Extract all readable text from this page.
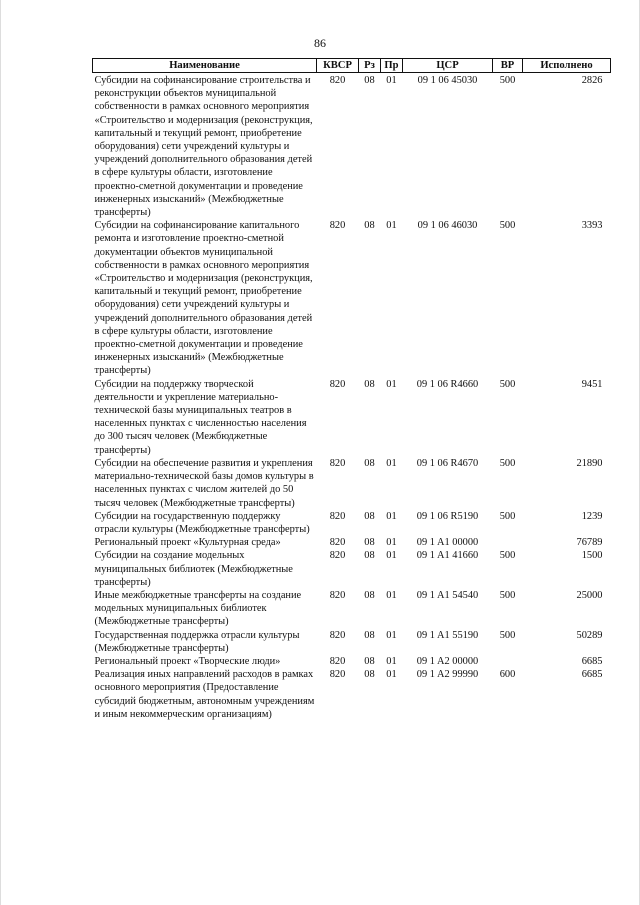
86
Наименование	КВСР	Рз	Пр	ЦСР	ВР	Исполнено
Субсидии на софинансирование строительства и реконструкции объектов муниципальной собственности в рамках основного мероприятия «Строительство и модернизация (реконструкция, капитальный и текущий ремонт, приобретение оборудования) сети учреждений культуры и учреждений дополнительного образования детей в сфере культуры области, изготовление проектно-сметной документации и проведение инженерных изысканий» (Межбюджетные трансферты)	820	08	01	09 1 06 45030	500	2826
Субсидии на софинансирование капитального ремонта и изготовление проектно-сметной документации объектов муниципальной собственности в рамках основного мероприятия «Строительство и модернизация (реконструкция, капитальный и текущий ремонт, приобретение оборудования) сети учреждений культуры и учреждений дополнительного образования детей в сфере культуры области, изготовление проектно-сметной документации и проведение инженерных изысканий» (Межбюджетные трансферты)	820	08	01	09 1 06 46030	500	3393
Субсидии на поддержку творческой деятельности и укрепление материально-технической базы муниципальных театров в населенных пунктах с численностью населения до 300 тысяч человек (Межбюджетные трансферты)	820	08	01	09 1 06 R4660	500	9451
Субсидии на обеспечение развития и укрепления материально-технической базы домов культуры в населенных пунктах с числом жителей до 50 тысяч человек (Межбюджетные трансферты)	820	08	01	09 1 06 R4670	500	21890
Субсидии на государственную поддержку отрасли культуры (Межбюджетные трансферты)	820	08	01	09 1 06 R5190	500	1239
Региональный проект «Культурная среда»	820	08	01	09 1 A1 00000		76789
Субсидии на создание модельных муниципальных библиотек (Межбюджетные трансферты)	820	08	01	09 1 A1 41660	500	1500
Иные межбюджетные трансферты на создание модельных муниципальных библиотек (Межбюджетные трансферты)	820	08	01	09 1 A1 54540	500	25000
Государственная поддержка отрасли культуры (Межбюджетные трансферты)	820	08	01	09 1 A1 55190	500	50289
Региональный проект «Творческие люди»	820	08	01	09 1 A2 00000		6685
Реализация иных направлений расходов в рамках основного мероприятия (Предоставление субсидий бюджетным, автономным учреждениям и иным некоммерческим организациям)	820	08	01	09 1 A2 99990	600	6685
